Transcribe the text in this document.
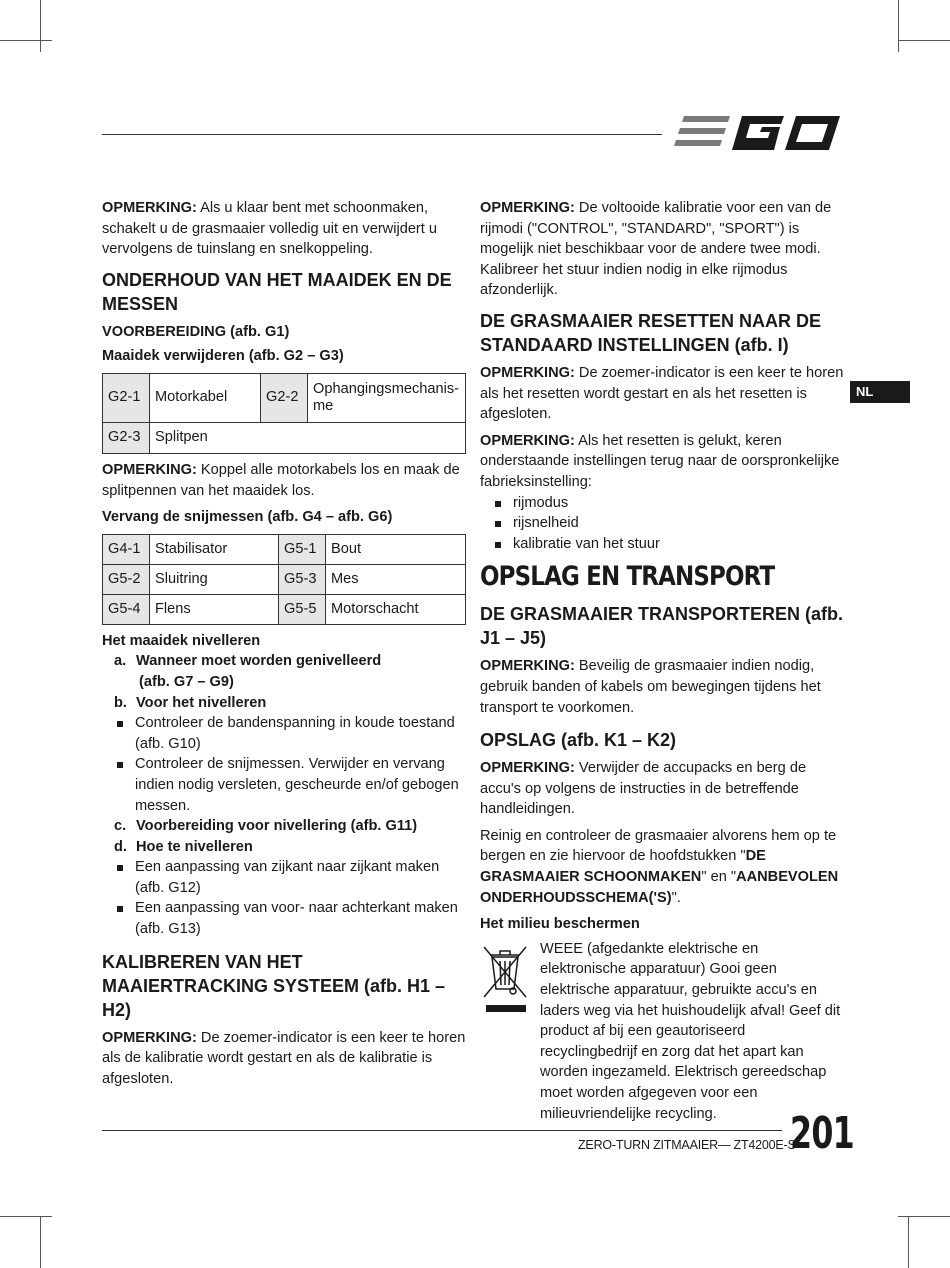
NL

OPMERKING: Als u klaar bent met schoonmaken, schakelt u de grasmaaier volledig uit en verwijdert u vervolgens de tuinslang en snelkoppeling.

ONDERHOUD VAN HET MAAIDEK EN DE MESSEN
VOORBEREIDING (afb. G1)
Maaidek verwijderen (afb. G2 – G3)
G2-1	Motorkabel	G2-2	Ophangingsmechanis-me
G2-3	Splitpen		

OPMERKING: Koppel alle motorkabels los en maak de splitpennen van het maaidek los.

Vervang de snijmessen (afb. G4 – afb. G6)
G4-1	Stabilisator	G5-1	Bout
G5-2	Sluitring	G5-3	Mes
G5-4	Flens	G5-5	Motorschacht
Het maaidek nivelleren

a. Wanneer moet worden genivelleerd
(afb. G7 – G9)

b. Voor het nivelleren

Controleer de bandenspanning in koude toestand (afb. G10)
Controleer de snijmessen. Verwijder en vervang indien nodig versleten, gescheurde en/of gebogen messen.

c. Voorbereiding voor nivellering (afb. G11)

d. Hoe te nivelleren

Een aanpassing van zijkant naar zijkant maken (afb. G12)
Een aanpassing van voor- naar achterkant maken (afb. G13)
KALIBREREN VAN HET MAAIERTRACKING SYSTEEM (afb. H1 – H2)

OPMERKING: De zoemer-indicator is een keer te horen als de kalibratie wordt gestart en als de kalibratie is afgesloten.

OPMERKING: De voltooide kalibratie voor een van de rijmodi ("CONTROL", "STANDARD", "SPORT") is mogelijk niet beschikbaar voor de andere twee modi. Kalibreer het stuur indien nodig in elke rijmodus afzonderlijk.

DE GRASMAAIER RESETTEN NAAR DE STANDAARD INSTELLINGEN (afb. I)

OPMERKING: De zoemer-indicator is een keer te horen als het resetten wordt gestart en als het resetten is afgesloten.

OPMERKING: Als het resetten is gelukt, keren onderstaande instellingen terug naar de oorspronkelijke fabrieksinstelling:

rijmodus
rijsnelheid
kalibratie van het stuur
OPSLAG EN TRANSPORT
DE GRASMAAIER TRANSPORTEREN (afb. J1 – J5)

OPMERKING: Beveilig de grasmaaier indien nodig, gebruik banden of kabels om bewegingen tijdens het transport te voorkomen.

OPSLAG (afb. K1 – K2)

OPMERKING: Verwijder de accupacks en berg de accu's op volgens de instructies in de betreffende handleidingen.

Reinig en controleer de grasmaaier alvorens hem op te bergen en zie hiervoor de hoofdstukken "DE GRASMAAIER SCHOONMAKEN" en "AANBEVOLEN ONDERHOUDSSCHEMA('S)".

Het milieu beschermen
WEEE (afgedankte elektrische en elektronische apparatuur) Gooi geen elektrische apparatuur, gebruikte accu's en laders weg via het huishoudelijk afval! Geef dit product af bij een geautoriseerd recyclingbedrijf en zorg dat het apart kan worden ingezameld. Elektrisch gereedschap moet worden afgegeven voor een milieuvriendelijke recycling.
ZERO-TURN ZITMAAIER— ZT4200E-S
201
